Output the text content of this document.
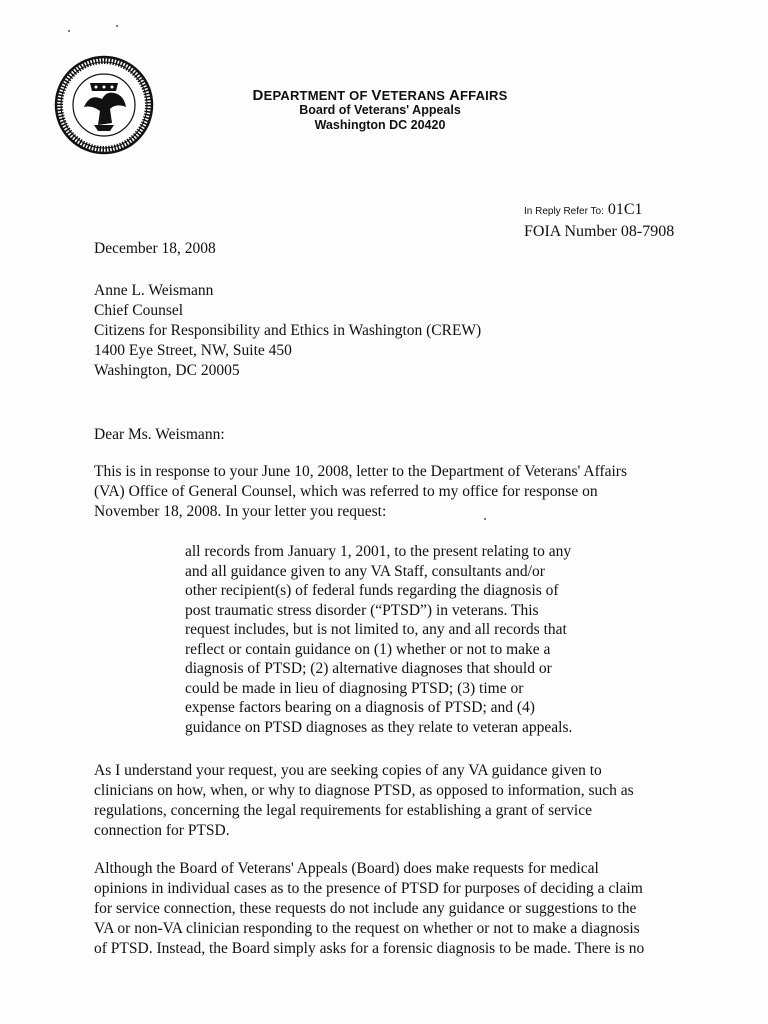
DEPARTMENT OF VETERANS AFFAIRS
Board of Veterans' Appeals
Washington DC 20420
In Reply Refer To: 01C1
FOIA Number 08-7908
December 18, 2008
Anne L. Weismann
Chief Counsel
Citizens for Responsibility and Ethics in Washington (CREW)
1400 Eye Street, NW, Suite 450
Washington, DC 20005
Dear Ms. Weismann:
This is in response to your June 10, 2008, letter to the Department of Veterans' Affairs
(VA) Office of General Counsel, which was referred to my office for response on
November 18, 2008. In your letter you request:
all records from January 1, 2001, to the present relating to any
and all guidance given to any VA Staff, consultants and/or
other recipient(s) of federal funds regarding the diagnosis of
post traumatic stress disorder (“PTSD”) in veterans. This
request includes, but is not limited to, any and all records that
reflect or contain guidance on (1) whether or not to make a
diagnosis of PTSD; (2) alternative diagnoses that should or
could be made in lieu of diagnosing PTSD; (3) time or
expense factors bearing on a diagnosis of PTSD; and (4)
guidance on PTSD diagnoses as they relate to veteran appeals.
As I understand your request, you are seeking copies of any VA guidance given to
clinicians on how, when, or why to diagnose PTSD, as opposed to information, such as
regulations, concerning the legal requirements for establishing a grant of service
connection for PTSD.
Although the Board of Veterans' Appeals (Board) does make requests for medical
opinions in individual cases as to the presence of PTSD for purposes of deciding a claim
for service connection, these requests do not include any guidance or suggestions to the
VA or non-VA clinician responding to the request on whether or not to make a diagnosis
of PTSD. Instead, the Board simply asks for a forensic diagnosis to be made. There is no
